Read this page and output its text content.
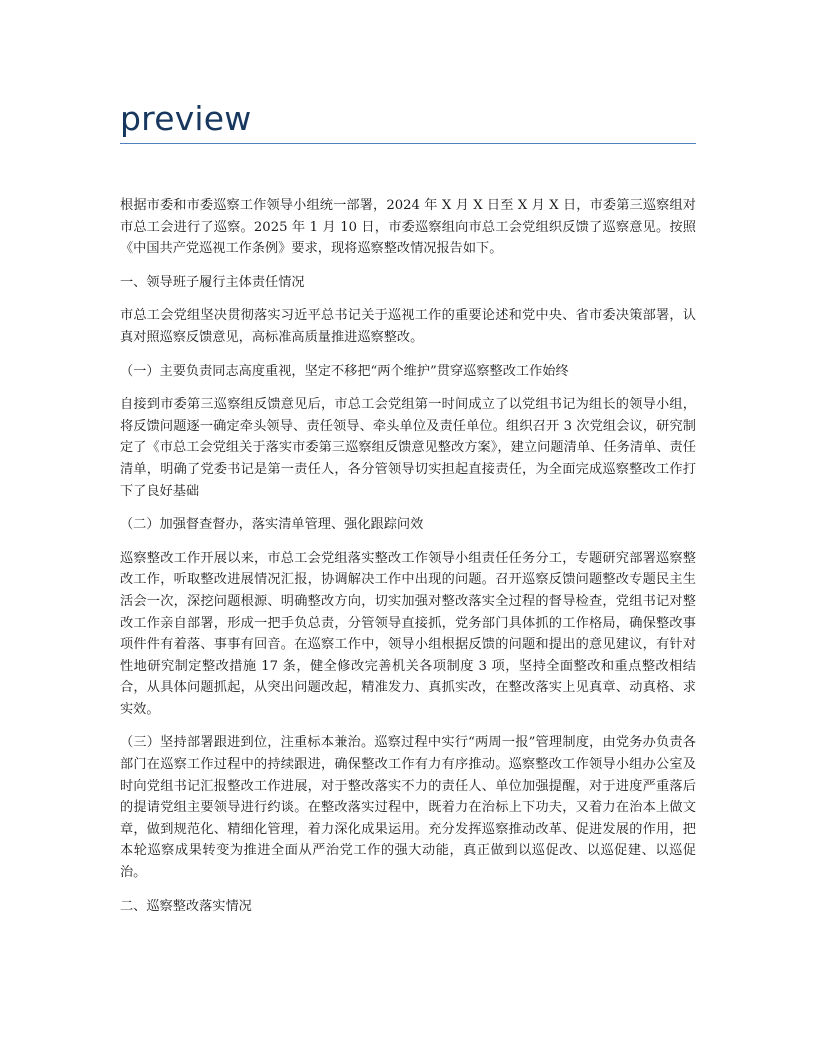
preview

根据市委和市委巡察工作领导小组统一部署，2024 年 X 月 X 日至 X 月 X 日，市委第三巡察组对市总工会进行了巡察。2025 年 1 月 10 日，市委巡察组向市总工会党组织反馈了巡察意见。按照《中国共产党巡视工作条例》要求，现将巡察整改情况报告如下。

一、领导班子履行主体责任情况

市总工会党组坚决贯彻落实习近平总书记关于巡视工作的重要论述和党中央、省市委决策部署，认真对照巡察反馈意见，高标准高质量推进巡察整改。

（一）主要负责同志高度重视，坚定不移把“两个维护”贯穿巡察整改工作始终

自接到市委第三巡察组反馈意见后，市总工会党组第一时间成立了以党组书记为组长的领导小组，将反馈问题逐一确定牵头领导、责任领导、牵头单位及责任单位。组织召开 3 次党组会议，研究制定了《市总工会党组关于落实市委第三巡察组反馈意见整改方案》，建立问题清单、任务清单、责任清单，明确了党委书记是第一责任人，各分管领导切实担起直接责任，为全面完成巡察整改工作打下了良好基础

（二）加强督查督办，落实清单管理、强化跟踪问效

巡察整改工作开展以来，市总工会党组落实整改工作领导小组责任任务分工，专题研究部署巡察整改工作，听取整改进展情况汇报，协调解决工作中出现的问题。召开巡察反馈问题整改专题民主生活会一次，深挖问题根源、明确整改方向，切实加强对整改落实全过程的督导检查，党组书记对整改工作亲自部署，形成一把手负总责，分管领导直接抓，党务部门具体抓的工作格局，确保整改事项件件有着落、事事有回音。在巡察工作中，领导小组根据反馈的问题和提出的意见建议，有针对性地研究制定整改措施 17 条，健全修改完善机关各项制度 3 项，坚持全面整改和重点整改相结合，从具体问题抓起，从突出问题改起，精准发力、真抓实改，在整改落实上见真章、动真格、求实效。

（三）坚持部署跟进到位，注重标本兼治。巡察过程中实行“两周一报”管理制度，由党务办负责各部门在巡察工作过程中的持续跟进，确保整改工作有力有序推动。巡察整改工作领导小组办公室及时向党组书记汇报整改工作进展，对于整改落实不力的责任人、单位加强提醒，对于进度严重落后的提请党组主要领导进行约谈。在整改落实过程中，既着力在治标上下功夫，又着力在治本上做文章，做到规范化、精细化管理，着力深化成果运用。充分发挥巡察推动改革、促进发展的作用，把本轮巡察成果转变为推进全面从严治党工作的强大动能，真正做到以巡促改、以巡促建、以巡促治。

二、巡察整改落实情况
